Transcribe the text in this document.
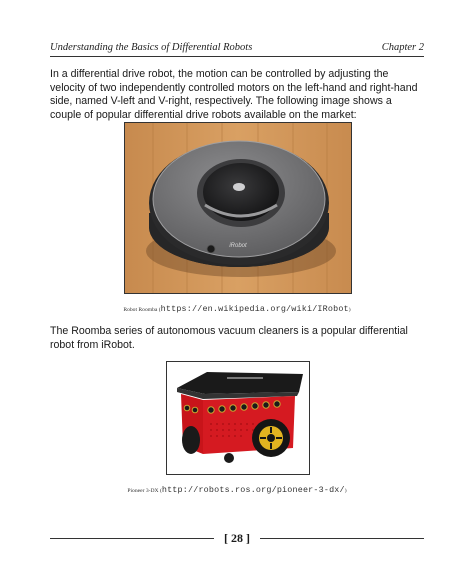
Understanding the Basics of Differential Robots	Chapter 2

In a differential drive robot, the motion can be controlled by adjusting the velocity of two independently controlled motors on the left-hand and right-hand side, named V-left and V-right, respectively. The following image shows a couple of popular differential drive robots available on the market:

iRobot
Robot Roomba (https://en.wikipedia.org/wiki/IRobot)

The Roomba series of autonomous vacuum cleaners is a popular differential robot from iRobot.

Pioneer 3-DX (http://robots.ros.org/pioneer-3-dx/)
[ 28 ]
